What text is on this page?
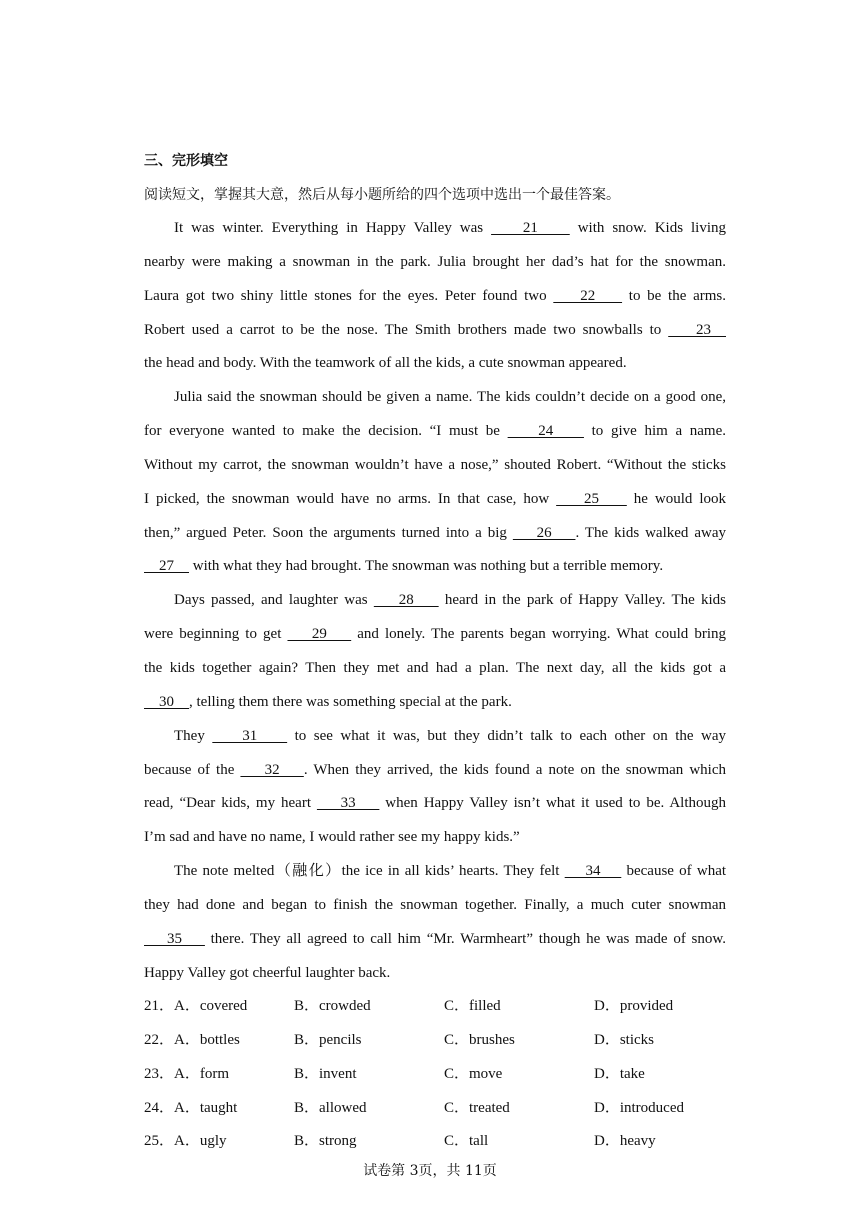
三、完形填空
阅读短文，掌握其大意，然后从每小题所给的四个选项中选出一个最佳答案。
It was winter. Everything in Happy Valley was     21     with snow. Kids living
nearby were making a snowman in the park. Julia brought her dad’s hat for the snowman.
Laura got two shiny little stones for the eyes. Peter found two     22     to be the arms.
Robert used a carrot to be the nose. The Smith brothers made two snowballs to     23
the head and body. With the teamwork of all the kids, a cute snowman appeared.
Julia said the snowman should be given a name. The kids couldn’t decide on a good one,
for everyone wanted to make the decision. “I must be     24     to give him a name.
Without my carrot, the snowman wouldn’t have a nose,” shouted Robert. “Without the sticks
I picked, the snowman would have no arms. In that case, how     25     he would look
then,” argued Peter. Soon the arguments turned into a big     26    . The kids walked away
27     with what they had brought. The snowman was nothing but a terrible memory.
Days passed, and laughter was     28     heard in the park of Happy Valley. The kids
were beginning to get     29     and lonely. The parents began worrying. What could bring
the kids together again? Then they met and had a plan. The next day, all the kids got a
30    , telling them there was something special at the park.
They     31     to see what it was, but they didn’t talk to each other on the way
because of the     32    . When they arrived, the kids found a note on the snowman which
read, “Dear kids, my heart     33     when Happy Valley isn’t what it used to be. Although
I’m sad and have no name, I would rather see my happy kids.”
The note melted（融化）the ice in all kids’ hearts. They felt     34     because of what
they had done and began to finish the snowman together. Finally, a much cuter snowman
35     there. They all agreed to call him “Mr. Warmheart” though he was made of snow.
Happy Valley got cheerful laughter back.
21．A．covered	B．crowded	C．filled	D．provided
22．A．bottles	B．pencils	C．brushes	D．sticks
23．A．form	B．invent	C．move	D．take
24．A．taught	B．allowed	C．treated	D．introduced
25．A．ugly	B．strong	C．tall	D．heavy
试卷第 3页，共 11页
